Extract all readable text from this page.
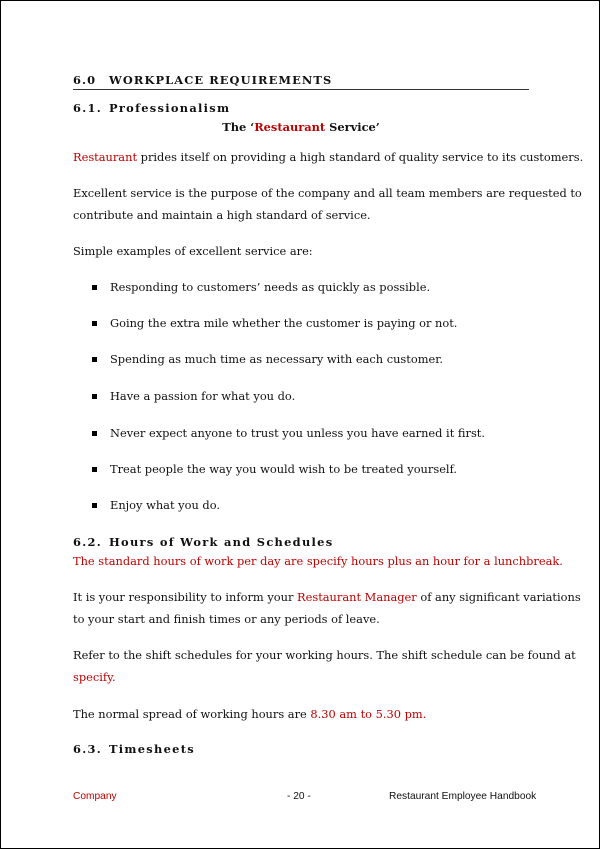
6.0 WORKPLACE REQUIREMENTS
6.1. Professionalism
The ‘Restaurant Service’
Restaurant prides itself on providing a high standard of quality service to its customers.
Excellent service is the purpose of the company and all team members are requested to
contribute and maintain a high standard of service.
Simple examples of excellent service are:
Responding to customers’ needs as quickly as possible.
Going the extra mile whether the customer is paying or not.
Spending as much time as necessary with each customer.
Have a passion for what you do.
Never expect anyone to trust you unless you have earned it first.
Treat people the way you would wish to be treated yourself.
Enjoy what you do.
6.2. Hours of Work and Schedules
The standard hours of work per day are specify hours plus an hour for a lunchbreak.
It is your responsibility to inform your Restaurant Manager of any significant variations
to your start and finish times or any periods of leave.
Refer to the shift schedules for your working hours. The shift schedule can be found at
specify.
The normal spread of working hours are 8.30 am to 5.30 pm.
6.3. Timesheets
Company	- 20 -	Restaurant Employee Handbook
